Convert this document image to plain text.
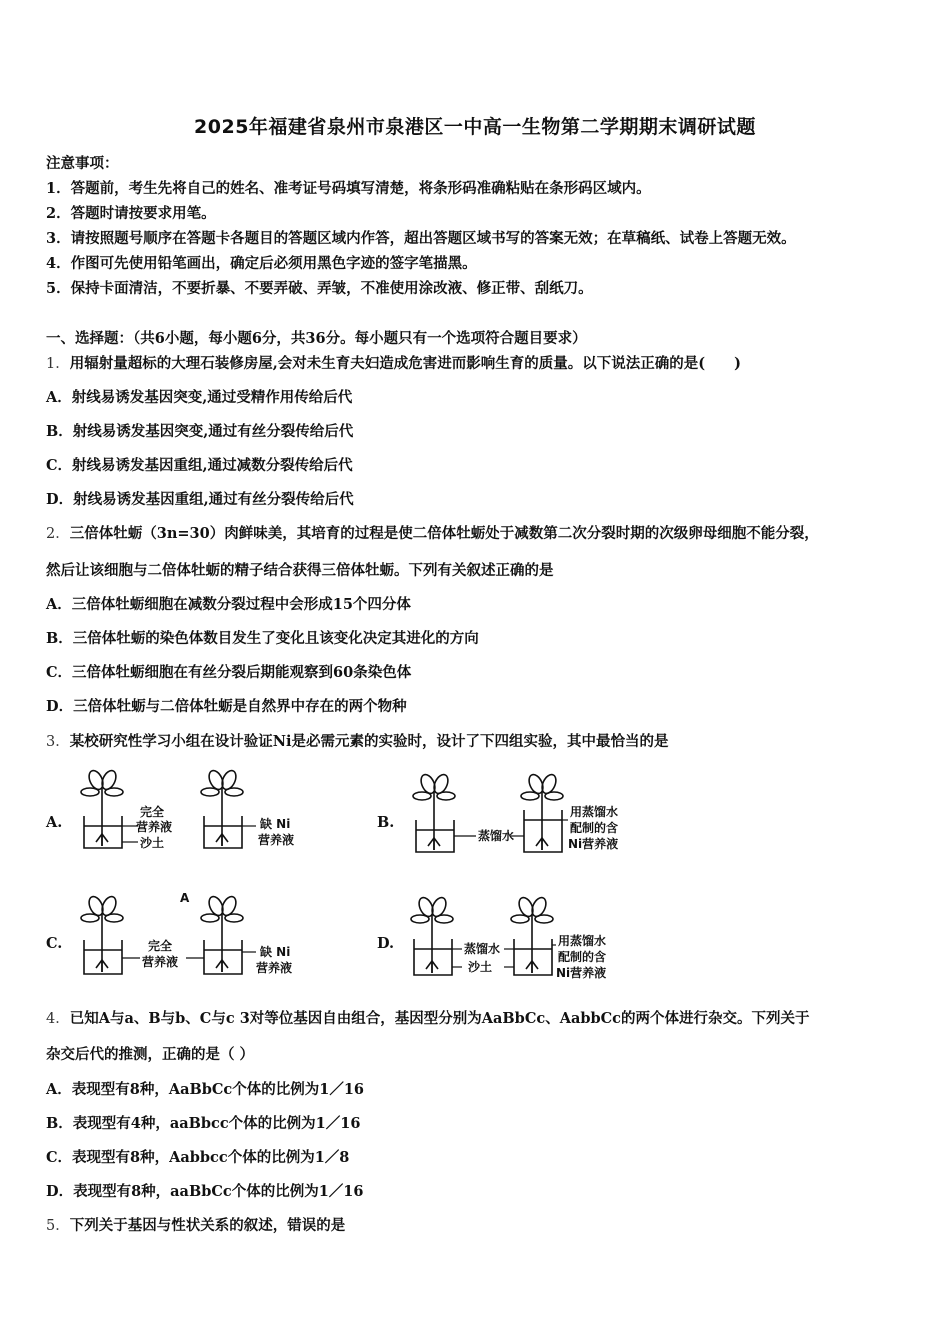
2025年福建省泉州市泉港区一中高一生物第二学期期末调研试题
注意事项：
1．答题前，考生先将自己的姓名、准考证号码填写清楚，将条形码准确粘贴在条形码区域内。
2．答题时请按要求用笔。
3．请按照题号顺序在答题卡各题目的答题区域内作答，超出答题区域书写的答案无效；在草稿纸、试卷上答题无效。
4．作图可先使用铅笔画出，确定后必须用黑色字迹的签字笔描黑。
5．保持卡面清洁，不要折暴、不要弄破、弄皱，不准使用涂改液、修正带、刮纸刀。
一、选择题：（共6小题，每小题6分，共36分。每小题只有一个选项符合题目要求）
1．用辐射量超标的大理石装修房屋,会对未生育夫妇造成危害进而影响生育的质量。以下说法正确的是(　　)
A．射线易诱发基因突变,通过受精作用传给后代
B．射线易诱发基因突变,通过有丝分裂传给后代
C．射线易诱发基因重组,通过减数分裂传给后代
D．射线易诱发基因重组,通过有丝分裂传给后代
2．三倍体牡蛎（3n=30）肉鲜味美，其培育的过程是使二倍体牡蛎处于减数第二次分裂时期的次级卵母细胞不能分裂，
然后让该细胞与二倍体牡蛎的精子结合获得三倍体牡蛎。下列有关叙述正确的是
A．三倍体牡蛎细胞在减数分裂过程中会形成15个四分体
B．三倍体牡蛎的染色体数目发生了变化且该变化决定其进化的方向
C．三倍体牡蛎细胞在有丝分裂后期能观察到60条染色体
D．三倍体牡蛎与二倍体牡蛎是自然界中存在的两个物种
3．某校研究性学习小组在设计验证Ni是必需元素的实验时，设计了下四组实验，其中最恰当的是
A.
完全
营养液
沙土
缺 Ni
营养液
B.
蒸馏水
用蒸馏水
配制的含
Ni营养液
C.
A
完全
营养液
缺 Ni
营养液
D.	蒸馏水
沙土
用蒸馏水
配制的含
Ni营养液
4．已知A与a、B与b、C与c 3对等位基因自由组合，基因型分别为AaBbCc、AabbCc的两个体进行杂交。下列关于
杂交后代的推测，正确的是（ ）
A．表现型有8种，AaBbCc个体的比例为1／16
B．表现型有4种，aaBbcc个体的比例为1／16
C．表现型有8种，Aabbcc个体的比例为1／8
D．表现型有8种，aaBbCc个体的比例为1／16
5．下列关于基因与性状关系的叙述，错误的是
